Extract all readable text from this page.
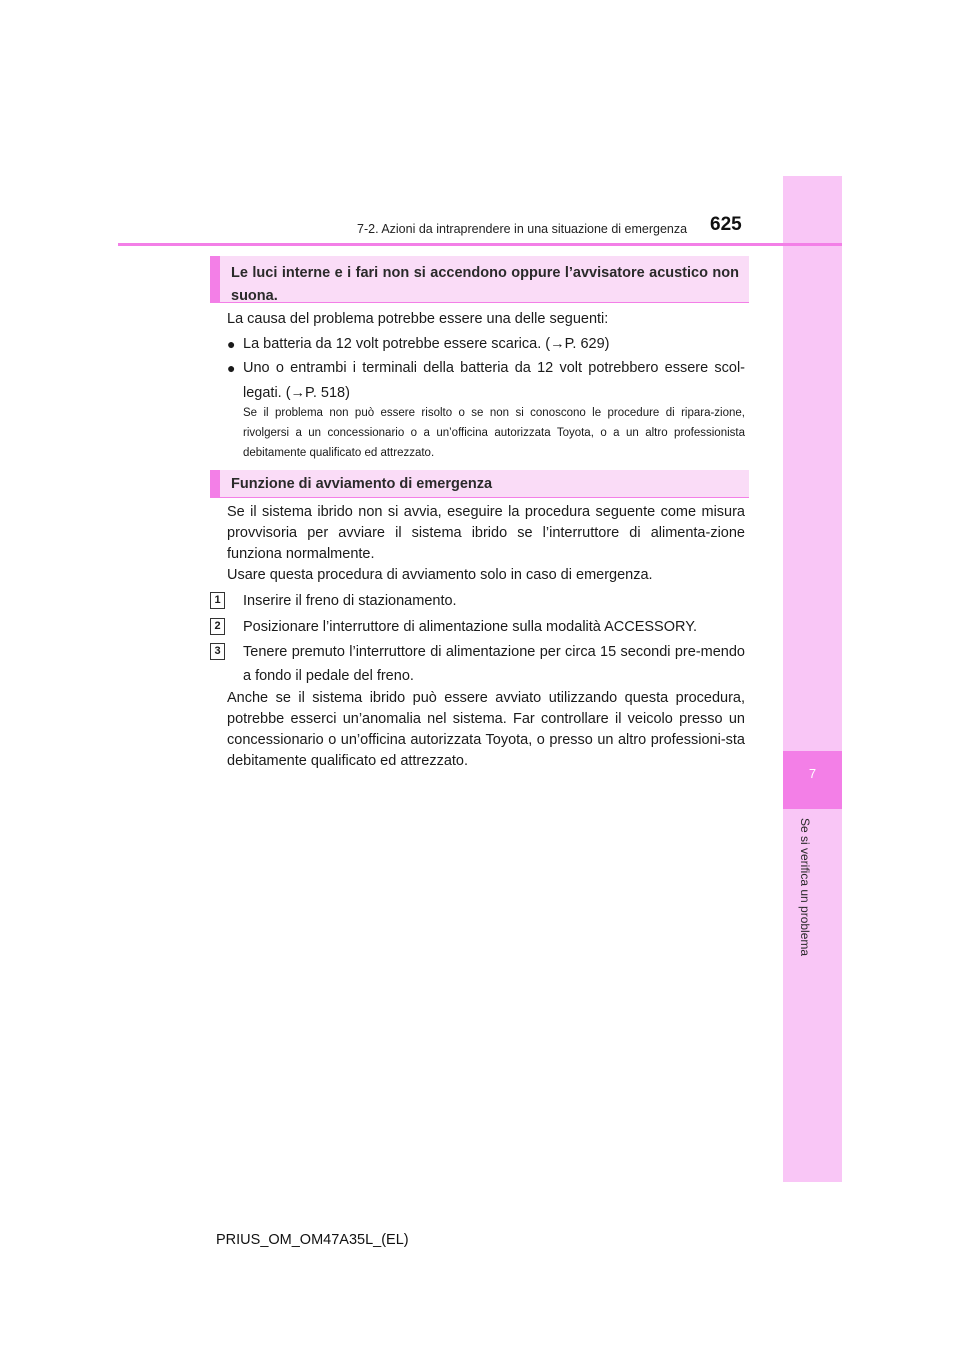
7
Se si verifica un problema
7-2. Azioni da intraprendere in una situazione di emergenza	625
Le luci interne e i fari non si accendono oppure l’avvisatore acustico non suona.
La causa del problema potrebbe essere una delle seguenti:
● La batteria da 12 volt potrebbe essere scarica. (→P. 629)
● Uno o entrambi i terminali della batteria da 12 volt potrebbero essere scol-legati. (→P. 518)
Se il problema non può essere risolto o se non si conoscono le procedure di ripara-zione, rivolgersi a un concessionario o a un’officina autorizzata Toyota, o a un altro professionista debitamente qualificato ed attrezzato.
Funzione di avviamento di emergenza
Se il sistema ibrido non si avvia, eseguire la procedura seguente come misura provvisoria per avviare il sistema ibrido se l’interruttore di alimenta-zione funziona normalmente.
Usare questa procedura di avviamento solo in caso di emergenza.
1	Inserire il freno di stazionamento.
2	Posizionare l’interruttore di alimentazione sulla modalità ACCESSORY.
3	Tenere premuto l’interruttore di alimentazione per circa 15 secondi pre-mendo a fondo il pedale del freno.
Anche se il sistema ibrido può essere avviato utilizzando questa procedura, potrebbe esserci un’anomalia nel sistema. Far controllare il veicolo presso un concessionario o un’officina autorizzata Toyota, o presso un altro professioni-sta debitamente qualificato ed attrezzato.
PRIUS_OM_OM47A35L_(EL)
